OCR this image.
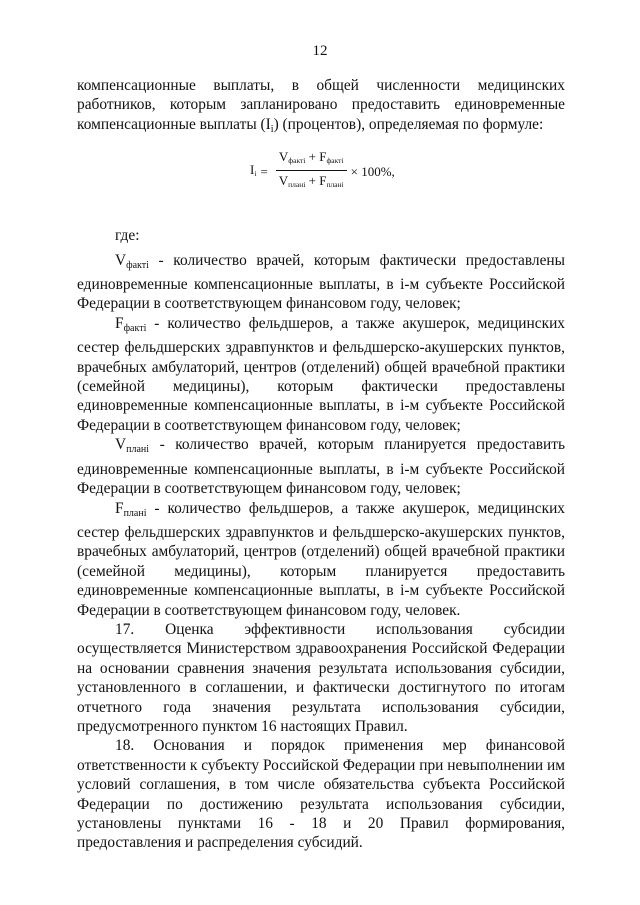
12

компенсационные выплаты, в общей численности медицинских работников, которым запланировано предоставить единовременные компенсационные выплаты (Ii) (процентов), определяемая по формуле:

$I_i = \frac{V_{фактi} + F_{фактi}}{V_{планi} + F_{планi}} \times 100\%$,

где:

Vфактi - количество врачей, которым фактически предоставлены единовременные компенсационные выплаты, в i-м субъекте Российской Федерации в соответствующем финансовом году, человек;

Fфактi - количество фельдшеров, а также акушерок, медицинских сестер фельдшерских здравпунктов и фельдшерско-акушерских пунктов, врачебных амбулаторий, центров (отделений) общей врачебной практики (семейной медицины), которым фактически предоставлены единовременные компенсационные выплаты, в i-м субъекте Российской Федерации в соответствующем финансовом году, человек;

Vпланi - количество врачей, которым планируется предоставить единовременные компенсационные выплаты, в i-м субъекте Российской Федерации в соответствующем финансовом году, человек;

Fпланi - количество фельдшеров, а также акушерок, медицинских сестер фельдшерских здравпунктов и фельдшерско-акушерских пунктов, врачебных амбулаторий, центров (отделений) общей врачебной практики (семейной медицины), которым планируется предоставить единовременные компенсационные выплаты, в i-м субъекте Российской Федерации в соответствующем финансовом году, человек.

17. Оценка эффективности использования субсидии осуществляется Министерством здравоохранения Российской Федерации на основании сравнения значения результата использования субсидии, установленного в соглашении, и фактически достигнутого по итогам отчетного года значения результата использования субсидии, предусмотренного пунктом 16 настоящих Правил.

18. Основания и порядок применения мер финансовой ответственности к субъекту Российской Федерации при невыполнении им условий соглашения, в том числе обязательства субъекта Российской Федерации по достижению результата использования субсидии, установлены пунктами 16 - 18 и 20 Правил формирования, предоставления и распределения субсидий.
